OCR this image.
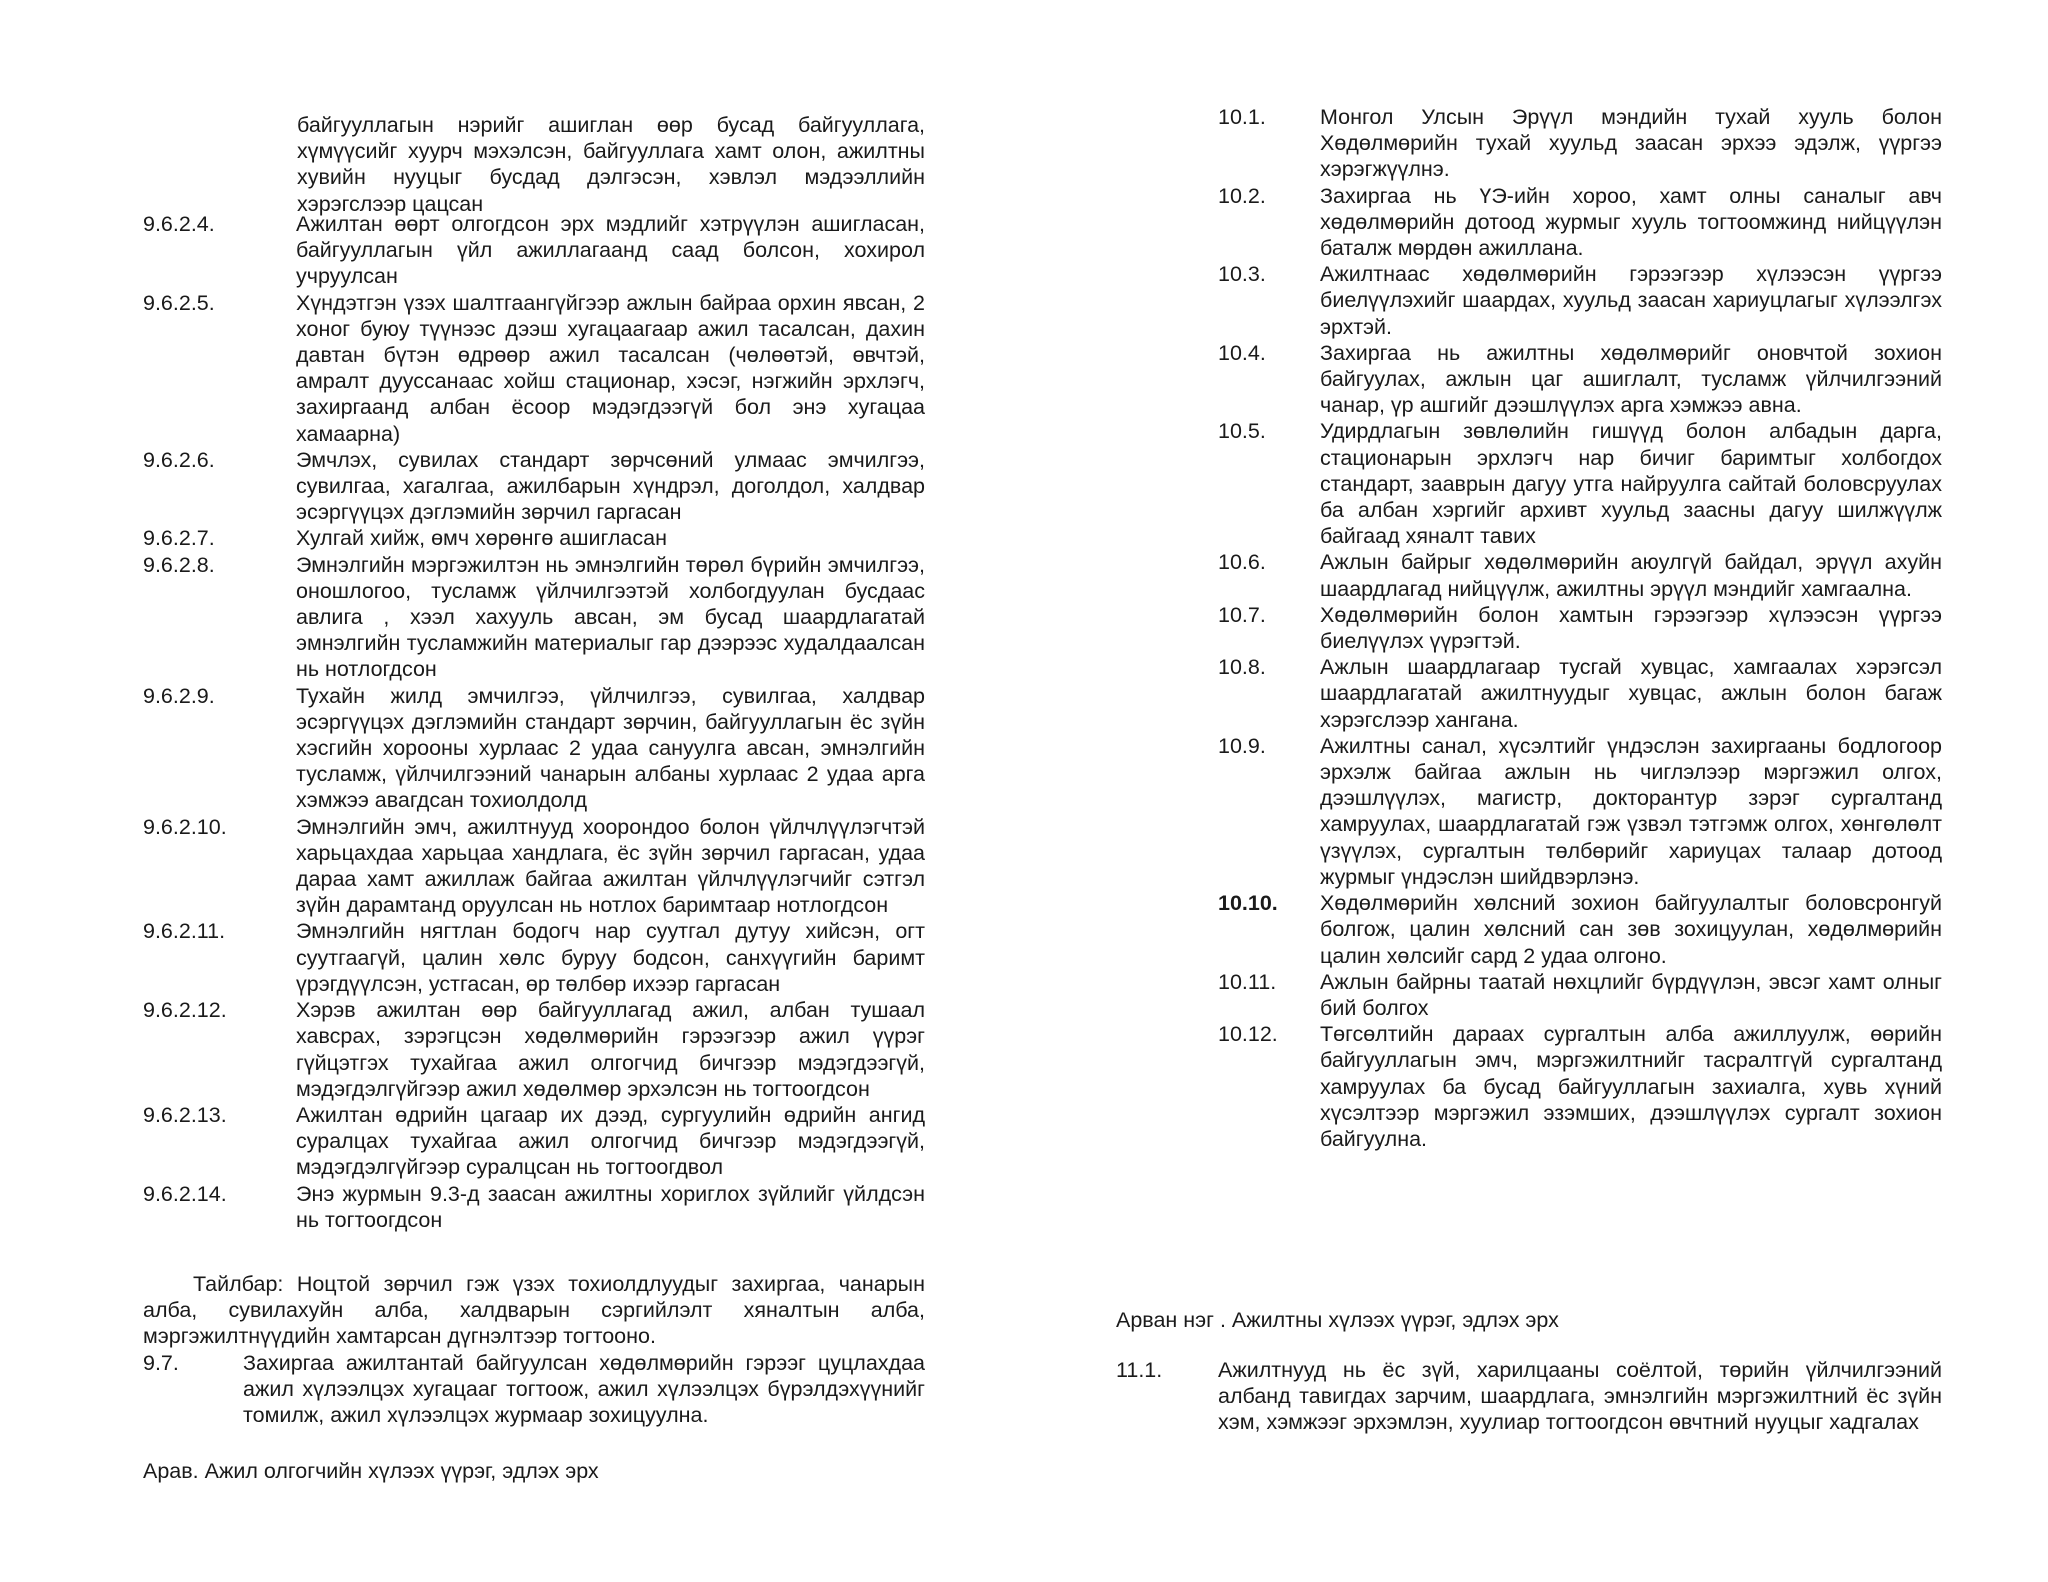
байгууллагын нэрийг ашиглан өөр бусад байгууллага, хүмүүсийг хуурч мэхэлсэн, байгууллага хамт олон, ажилтны хувийн нууцыг бусдад дэлгэсэн, хэвлэл мэдээллийн хэрэгслээр цацсан
9.6.2.4.	Ажилтан өөрт олгогдсон эрх мэдлийг хэтрүүлэн ашигласан, байгууллагын үйл ажиллагаанд саад болсон, хохирол учруулсан
9.6.2.5.	Хүндэтгэн үзэх шалтгаангүйгээр ажлын байраа орхин явсан, 2 хоног буюу түүнээс дээш хугацаагаар ажил тасалсан, дахин давтан бүтэн өдрөөр ажил тасалсан (чөлөөтэй, өвчтэй, амралт дууссанаас хойш стационар, хэсэг, нэгжийн эрхлэгч, захиргаанд албан ёсоор мэдэгдээгүй бол энэ хугацаа хамаарна)
9.6.2.6.	Эмчлэх, сувилах стандарт зөрчсөний улмаас эмчилгээ, сувилгаа, хагалгаа, ажилбарын хүндрэл, доголдол, халдвар эсэргүүцэх дэглэмийн зөрчил гаргасан
9.6.2.7.	Хулгай хийж, өмч хөрөнгө ашигласан
9.6.2.8.	Эмнэлгийн мэргэжилтэн нь эмнэлгийн төрөл бүрийн эмчилгээ, оношлогоо, тусламж үйлчилгээтэй холбогдуулан бусдаас авлига , хээл хахууль авсан, эм бусад шаардлагатай эмнэлгийн тусламжийн материалыг гар дээрээс худалдаалсан нь нотлогдсон
9.6.2.9.	Тухайн жилд эмчилгээ, үйлчилгээ, сувилгаа, халдвар эсэргүүцэх дэглэмийн стандарт зөрчин, байгууллагын ёс зүйн хэсгийн хорооны хурлаас 2 удаа сануулга авсан, эмнэлгийн тусламж, үйлчилгээний чанарын албаны хурлаас 2 удаа арга хэмжээ авагдсан тохиолдолд
9.6.2.10.	Эмнэлгийн эмч, ажилтнууд хоорондоо болон үйлчлүүлэгчтэй харьцахдаа харьцаа хандлага, ёс зүйн зөрчил гаргасан, удаа дараа хамт ажиллаж байгаа ажилтан үйлчлүүлэгчийг сэтгэл зүйн дарамтанд оруулсан нь нотлох баримтаар нотлогдсон
9.6.2.11.	Эмнэлгийн нягтлан бодогч нар суутгал дутуу хийсэн, огт суутгаагүй, цалин хөлс буруу бодсон, санхүүгийн баримт үрэгдүүлсэн, устгасан, өр төлбөр ихээр гаргасан
9.6.2.12.	Хэрэв ажилтан өөр байгууллагад ажил, албан тушаал хавсрах, зэрэгцсэн хөдөлмөрийн гэрээгээр ажил үүрэг гүйцэтгэх тухайгаа ажил олгогчид бичгээр мэдэгдээгүй, мэдэгдэлгүйгээр ажил хөдөлмөр эрхэлсэн нь тогтоогдсон
9.6.2.13.	Ажилтан өдрийн цагаар их дээд, сургуулийн өдрийн ангид суралцах тухайгаа ажил олгогчид бичгээр мэдэгдээгүй, мэдэгдэлгүйгээр суралцсан нь тогтоогдвол
9.6.2.14.	Энэ журмын 9.3-д заасан ажилтны хориглох зүйлийг үйлдсэн нь тогтоогдсон
Тайлбар: Ноцтой зөрчил гэж үзэх тохиолдлуудыг захиргаа, чанарын алба, сувилахуйн алба, халдварын сэргийлэлт хяналтын алба, мэргэжилтнүүдийн хамтарсан дүгнэлтээр тогтооно.
9.7.	Захиргаа ажилтантай байгуулсан хөдөлмөрийн гэрээг цуцлахдаа ажил хүлээлцэх хугацааг тогтоож, ажил хүлээлцэх бүрэлдэхүүнийг томилж, ажил хүлээлцэх журмаар зохицуулна.
Арав. Ажил олгогчийн хүлээх үүрэг, эдлэх эрх
10.1.	Монгол Улсын Эрүүл мэндийн тухай хууль болон Хөдөлмөрийн тухай хуульд заасан эрхээ эдэлж, үүргээ хэрэгжүүлнэ.
10.2.	Захиргаа нь ҮЭ-ийн хороо, хамт олны саналыг авч хөдөлмөрийн дотоод журмыг хууль тогтоомжинд нийцүүлэн баталж мөрдөн ажиллана.
10.3.	Ажилтнаас хөдөлмөрийн гэрээгээр хүлээсэн үүргээ биелүүлэхийг шаардах, хуульд заасан хариуцлагыг хүлээлгэх эрхтэй.
10.4.	Захиргаа нь ажилтны хөдөлмөрийг оновчтой зохион байгуулах, ажлын цаг ашиглалт, тусламж үйлчилгээний чанар, үр ашгийг дээшлүүлэх арга хэмжээ авна.
10.5.	Удирдлагын зөвлөлийн гишүүд болон албадын дарга, стационарын эрхлэгч нар бичиг баримтыг холбогдох стандарт, зааврын дагуу утга найруулга сайтай боловсруулах ба албан хэргийг архивт хуульд заасны дагуу шилжүүлж байгаад хяналт тавих
10.6.	Ажлын байрыг хөдөлмөрийн аюулгүй байдал, эрүүл ахуйн шаардлагад нийцүүлж, ажилтны эрүүл мэндийг хамгаална.
10.7.	Хөдөлмөрийн болон хамтын гэрээгээр хүлээсэн үүргээ биелүүлэх үүрэгтэй.
10.8.	Ажлын шаардлагаар тусгай хувцас, хамгаалах хэрэгсэл шаардлагатай ажилтнуудыг хувцас, ажлын болон багаж хэрэгслээр хангана.
10.9.	Ажилтны санал, хүсэлтийг үндэслэн захиргааны бодлогоор эрхэлж байгаа ажлын нь чиглэлээр мэргэжил олгох, дээшлүүлэх, магистр, докторантур зэрэг сургалтанд хамруулах, шаардлагатай гэж үзвэл тэтгэмж олгох, хөнгөлөлт үзүүлэх, сургалтын төлбөрийг хариуцах талаар дотоод журмыг үндэслэн шийдвэрлэнэ.
10.10.	Хөдөлмөрийн хөлсний зохион байгуулалтыг боловсронгуй болгож, цалин хөлсний сан зөв зохицуулан, хөдөлмөрийн цалин хөлсийг сард 2 удаа олгоно.
10.11.	Ажлын байрны таатай нөхцлийг бүрдүүлэн, эвсэг хамт олныг бий болгох
10.12.	Төгсөлтийн дараах сургалтын алба ажиллуулж, өөрийн байгууллагын эмч, мэргэжилтнийг тасралтгүй сургалтанд хамруулах ба бусад байгууллагын захиалга, хувь хүний хүсэлтээр мэргэжил эзэмших, дээшлүүлэх сургалт зохион байгуулна.
Арван нэг . Ажилтны хүлээх үүрэг, эдлэх эрх
11.1.	Ажилтнууд нь ёс зүй, харилцааны соёлтой, төрийн үйлчилгээний албанд тавигдах зарчим, шаардлага, эмнэлгийн мэргэжилтний ёс зүйн хэм, хэмжээг эрхэмлэн, хуулиар тогтоогдсон өвчтний нууцыг хадгалах
